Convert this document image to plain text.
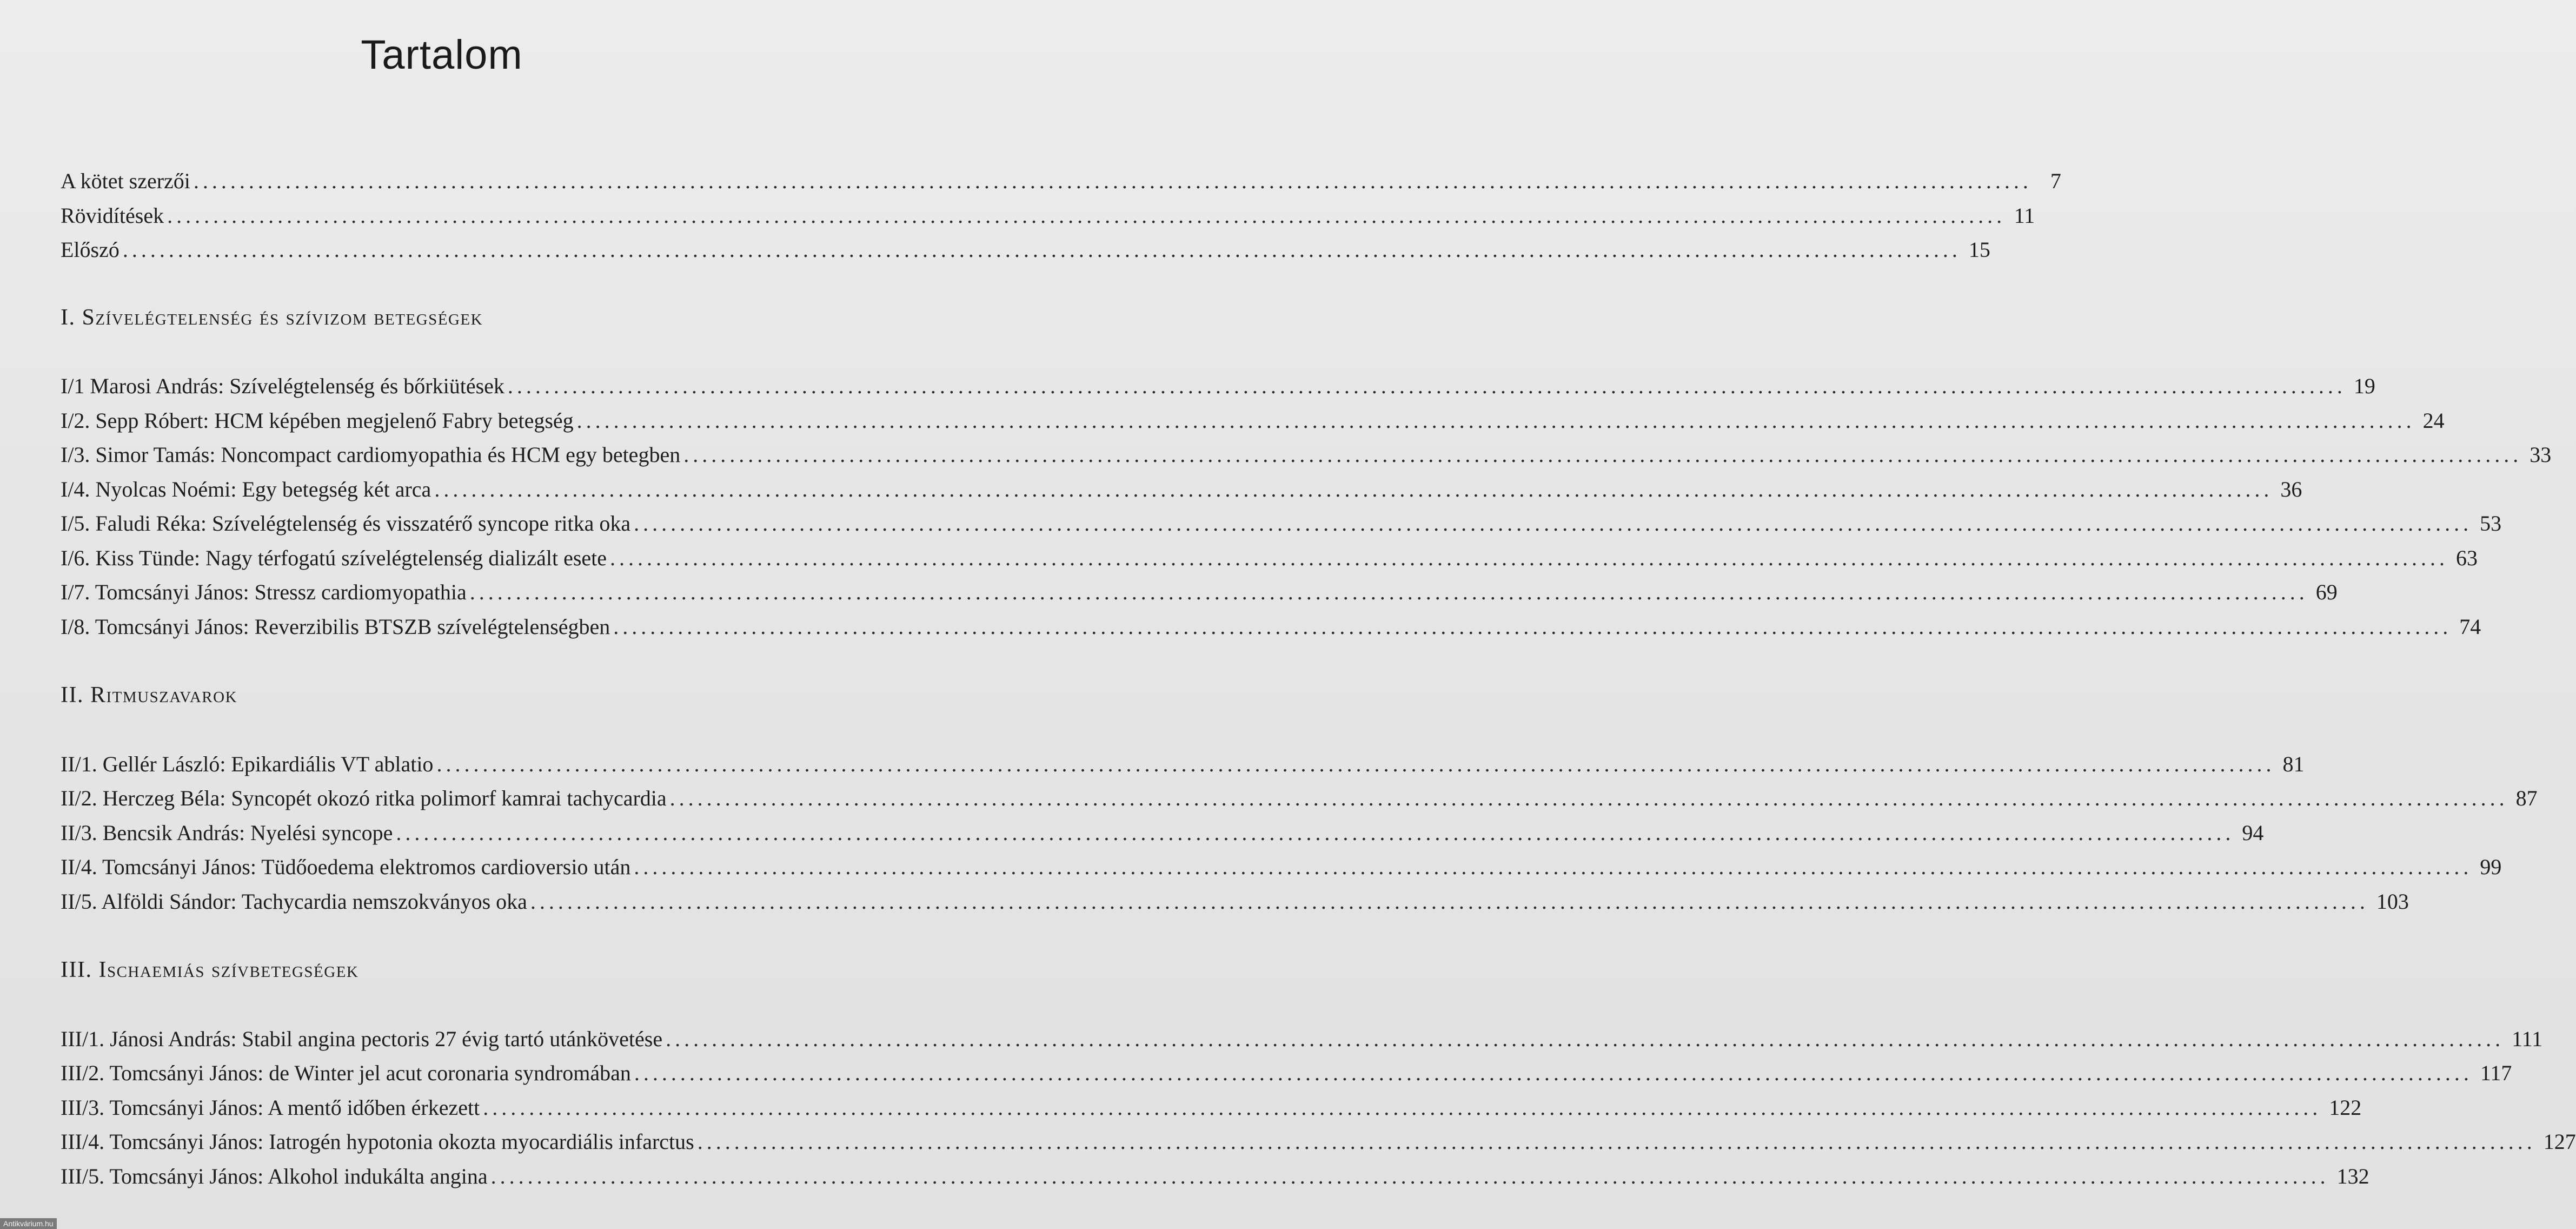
Tartalom
A kötet szerzői ........................................................................................................................................................................................................ 7
Rövidítések ........................................................................................................................................................................................................ 11
Előszó ........................................................................................................................................................................................................ 15
I. Szívelégtelenség és szívizom betegségek
I/1 Marosi András: Szívelégtelenség és bőrkiütések ........................................................................................................................................................................................................ 19
I/2. Sepp Róbert: HCM képében megjelenő Fabry betegség ........................................................................................................................................................................................................ 24
I/3. Simor Tamás: Noncompact cardiomyopathia és HCM egy betegben ........................................................................................................................................................................................................ 33
I/4. Nyolcas Noémi: Egy betegség két arca ........................................................................................................................................................................................................ 36
I/5. Faludi Réka: Szívelégtelenség és visszatérő syncope ritka oka ........................................................................................................................................................................................................ 53
I/6. Kiss Tünde: Nagy térfogatú szívelégtelenség dializált esete ........................................................................................................................................................................................................ 63
I/7. Tomcsányi János: Stressz cardiomyopathia ........................................................................................................................................................................................................ 69
I/8. Tomcsányi János: Reverzibilis BTSZB szívelégtelenségben ........................................................................................................................................................................................................ 74
II. Ritmuszavarok
II/1. Gellér László: Epikardiális VT ablatio ........................................................................................................................................................................................................ 81
II/2. Herczeg Béla: Syncopét okozó ritka polimorf kamrai tachycardia ........................................................................................................................................................................................................ 87
II/3. Bencsik András: Nyelési syncope ........................................................................................................................................................................................................ 94
II/4. Tomcsányi János: Tüdőoedema elektromos cardioversio után ........................................................................................................................................................................................................ 99
II/5. Alföldi Sándor: Tachycardia nemszokványos oka ........................................................................................................................................................................................................ 103
III. Ischaemiás szívbetegségek
III/1. Jánosi András: Stabil angina pectoris 27 évig tartó utánkövetése ........................................................................................................................................................................................................ 111
III/2. Tomcsányi János: de Winter jel acut coronaria syndromában ........................................................................................................................................................................................................ 117
III/3. Tomcsányi János: A mentő időben érkezett ........................................................................................................................................................................................................ 122
III/4. Tomcsányi János: Iatrogén hypotonia okozta myocardiális infarctus ........................................................................................................................................................................................................ 127
III/5. Tomcsányi János: Alkohol indukálta angina ........................................................................................................................................................................................................ 132
Antikvárium.hu
